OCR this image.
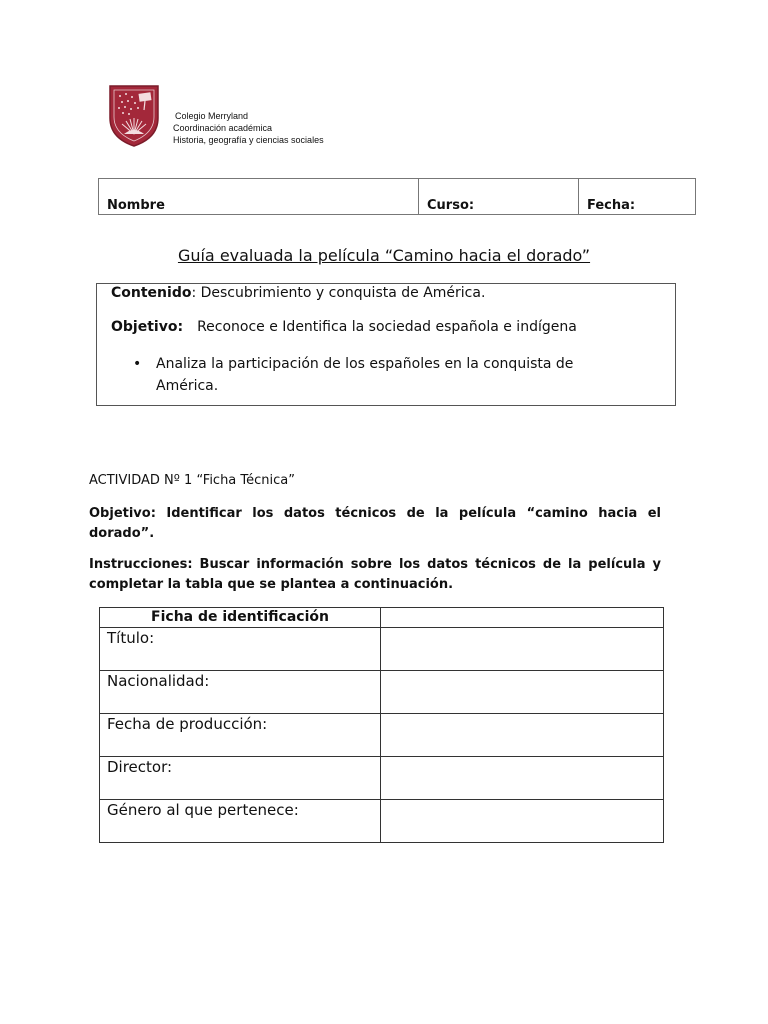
Colegio Merryland
Coordinación académica
Historia, geografía y ciencias sociales
Nombre	Curso:	Fecha:
Guía evaluada la película “Camino hacia el dorado”
Contenido: Descubrimiento y conquista de América.
Objetivo: Reconoce e Identifica la sociedad española e indígena
• Analiza la participación de los españoles en la conquista de América.
ACTIVIDAD Nº 1 “Ficha Técnica”
Objetivo: Identificar los datos técnicos de la película “camino hacia el dorado”.
Instrucciones: Buscar información sobre los datos técnicos de la película y completar la tabla que se plantea a continuación.
Ficha de identificación	
Título:	
Nacionalidad:	
Fecha de producción:	
Director:	
Género al que pertenece:	
